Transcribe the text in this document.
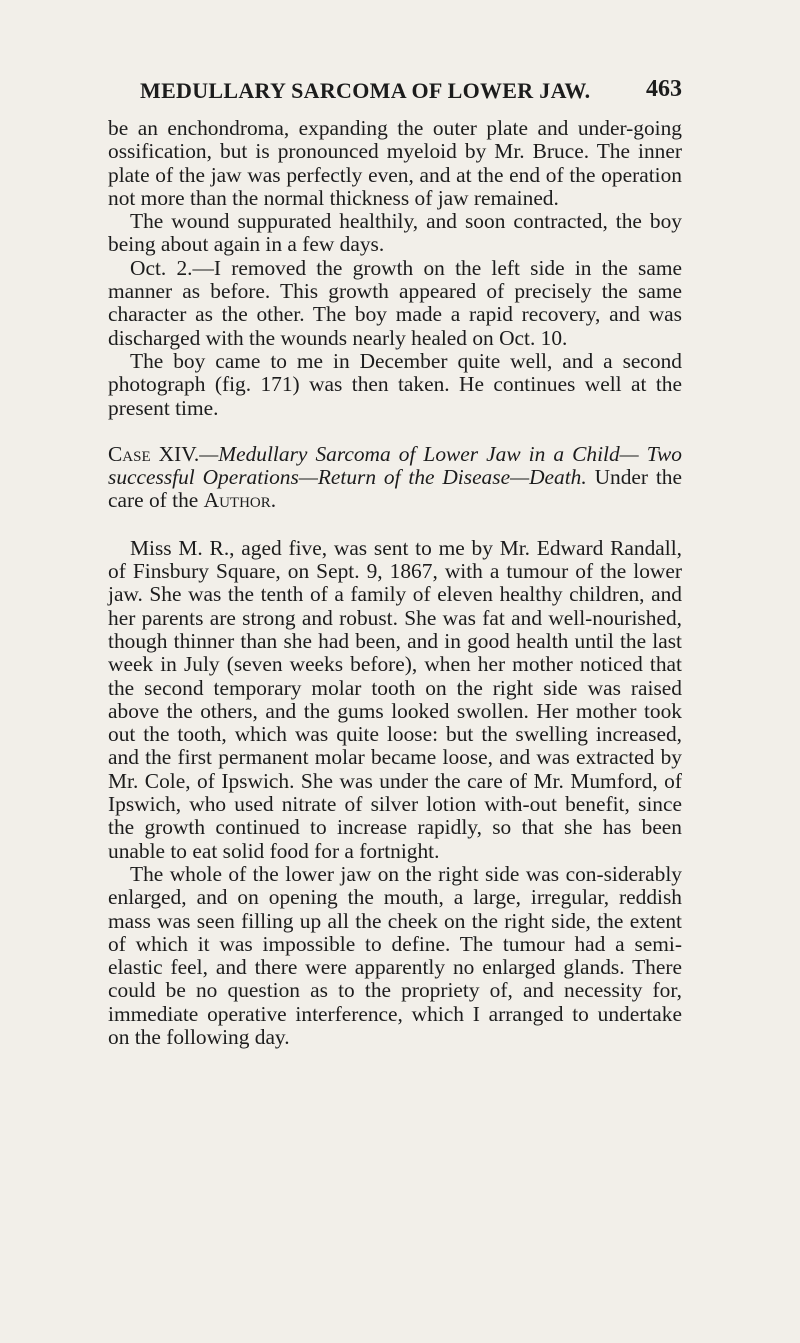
MEDULLARY SARCOMA OF LOWER JAW. 463

be an enchondroma, expanding the outer plate and under-going ossification, but is pronounced myeloid by Mr. Bruce. The inner plate of the jaw was perfectly even, and at the end of the operation not more than the normal thickness of jaw remained.

The wound suppurated healthily, and soon contracted, the boy being about again in a few days.

Oct. 2.—I removed the growth on the left side in the same manner as before. This growth appeared of precisely the same character as the other. The boy made a rapid recovery, and was discharged with the wounds nearly healed on Oct. 10.

The boy came to me in December quite well, and a second photograph (fig. 171) was then taken. He continues well at the present time.

Case XIV.—Medullary Sarcoma of Lower Jaw in a Child— Two successful Operations—Return of the Disease—Death. Under the care of the Author.

Miss M. R., aged five, was sent to me by Mr. Edward Randall, of Finsbury Square, on Sept. 9, 1867, with a tumour of the lower jaw. She was the tenth of a family of eleven healthy children, and her parents are strong and robust. She was fat and well-nourished, though thinner than she had been, and in good health until the last week in July (seven weeks before), when her mother noticed that the second temporary molar tooth on the right side was raised above the others, and the gums looked swollen. Her mother took out the tooth, which was quite loose: but the swelling increased, and the first permanent molar became loose, and was extracted by Mr. Cole, of Ipswich. She was under the care of Mr. Mumford, of Ipswich, who used nitrate of silver lotion with-out benefit, since the growth continued to increase rapidly, so that she has been unable to eat solid food for a fortnight.

The whole of the lower jaw on the right side was con-siderably enlarged, and on opening the mouth, a large, irregular, reddish mass was seen filling up all the cheek on the right side, the extent of which it was impossible to define. The tumour had a semi-elastic feel, and there were apparently no enlarged glands. There could be no question as to the propriety of, and necessity for, immediate operative interference, which I arranged to undertake on the following day.
